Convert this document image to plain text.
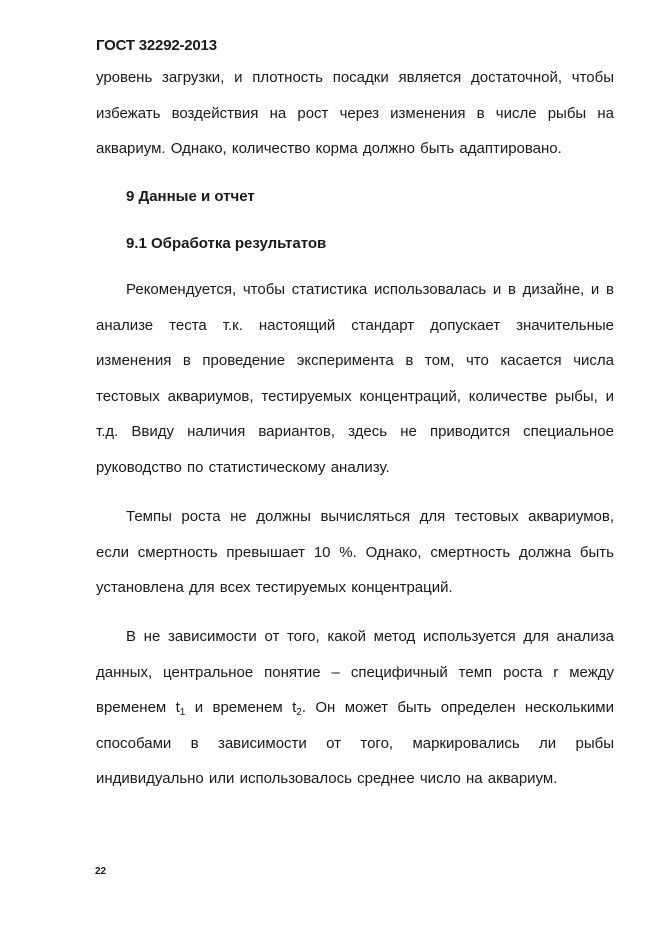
ГОСТ 32292-2013
уровень загрузки, и плотность посадки является достаточной, чтобы избежать воздействия на рост через изменения в числе рыбы на аквариум. Однако, количество корма должно быть адаптировано.
9 Данные и отчет
9.1 Обработка результатов
Рекомендуется, чтобы статистика использовалась и в дизайне, и в анализе теста т.к. настоящий стандарт допускает значительные изменения в проведение эксперимента в том, что касается числа тестовых аквариумов, тестируемых концентраций, количестве рыбы, и т.д. Ввиду наличия вариантов, здесь не приводится специальное руководство по статистическому анализу.
Темпы роста не должны вычисляться для тестовых аквариумов, если смертность превышает 10 %. Однако, смертность должна быть установлена для всех тестируемых концентраций.
В не зависимости от того, какой метод используется для анализа данных, центральное понятие – специфичный темп роста r между временем $t_1$ и временем $t_2$. Он может быть определен несколькими способами в зависимости от того, маркировались ли рыбы индивидуально или использовалось среднее число на аквариум.
22
